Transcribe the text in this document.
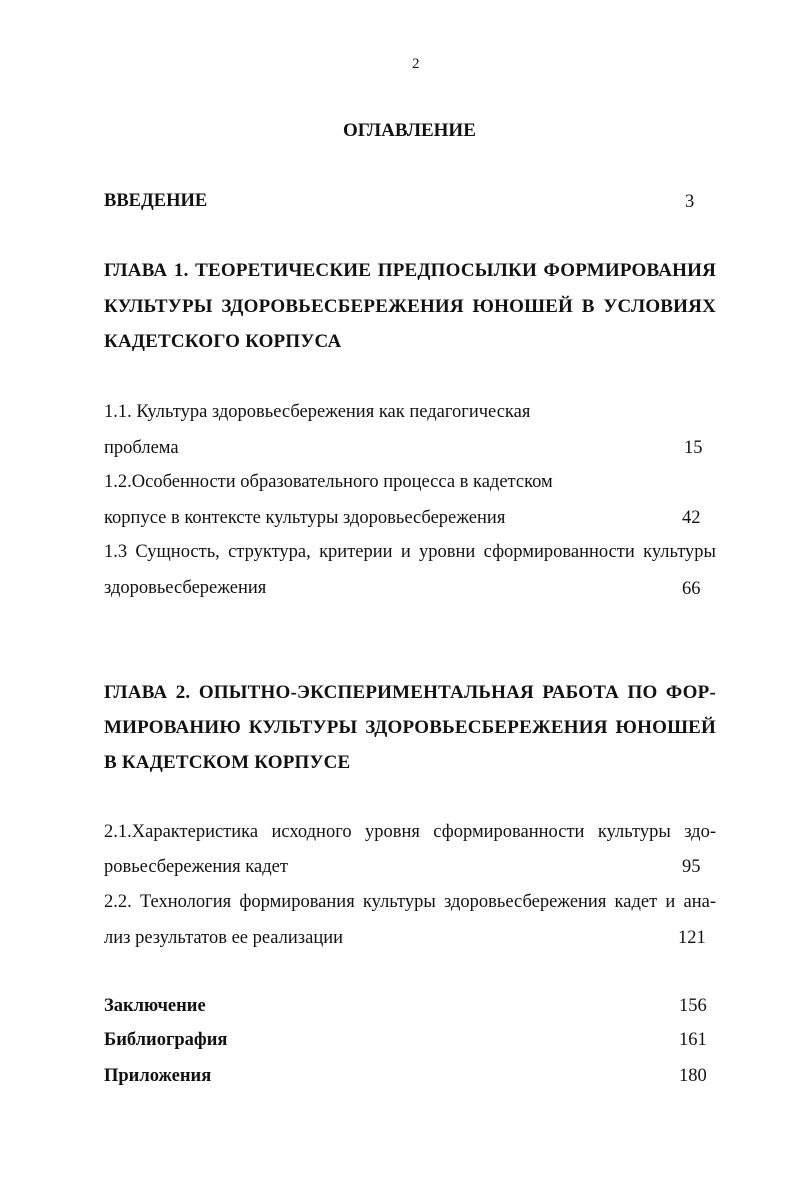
2
ОГЛАВЛЕНИЕ
ВВЕДЕНИЕ	3
ГЛАВА 1. ТЕОРЕТИЧЕСКИЕ ПРЕДПОСЫЛКИ ФОРМИРОВАНИЯ
КУЛЬТУРЫ ЗДОРОВЬЕСБЕРЕЖЕНИЯ ЮНОШЕЙ В УСЛОВИЯХ
КАДЕТСКОГО КОРПУСА
1.1. Культура здоровьесбережения как педагогическая
проблема	15
1.2.Особенности образовательного процесса в кадетском
корпусе в контексте культуры здоровьесбережения	42
1.3 Сущность, структура, критерии и уровни сформированности культуры
здоровьесбережения	66
ГЛАВА 2. ОПЫТНО-ЭКСПЕРИМЕНТАЛЬНАЯ РАБОТА ПО ФОР-
МИРОВАНИЮ КУЛЬТУРЫ ЗДОРОВЬЕСБЕРЕЖЕНИЯ ЮНОШЕЙ
В КАДЕТСКОМ КОРПУСЕ
2.1.Характеристика исходного уровня сформированности культуры здо-
ровьесбережения кадет	95
2.2. Технология формирования культуры здоровьесбережения кадет и ана-
лиз результатов ее реализации	121
Заключение	156
Библиография	161
Приложения	180
